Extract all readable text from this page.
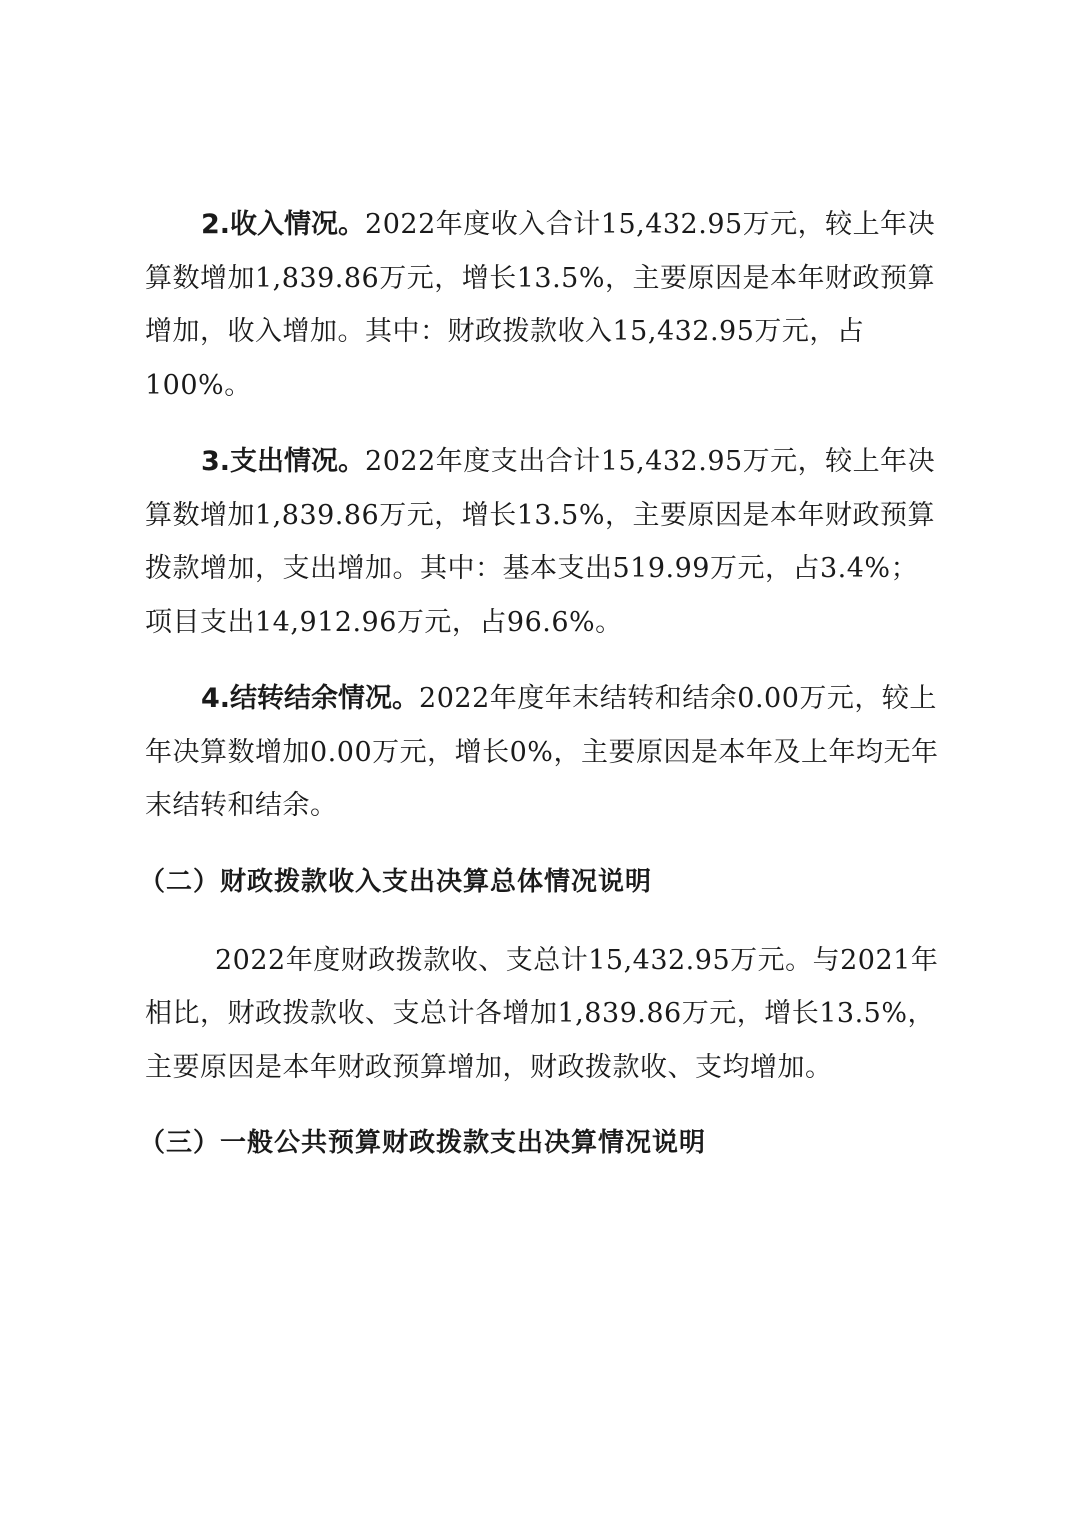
2.收入情况。2022年度收入合计15,432.95万元，较上年决算数增加1,839.86万元，增长13.5%，主要原因是本年财政预算增加，收入增加。其中：财政拨款收入15,432.95万元，占100%。

3.支出情况。2022年度支出合计15,432.95万元，较上年决算数增加1,839.86万元，增长13.5%，主要原因是本年财政预算拨款增加，支出增加。其中：基本支出519.99万元，占3.4%；项目支出14,912.96万元，占96.6%。

4.结转结余情况。2022年度年末结转和结余0.00万元，较上年决算数增加0.00万元，增长0%，主要原因是本年及上年均无年末结转和结余。

（二）财政拨款收入支出决算总体情况说明

2022年度财政拨款收、支总计15,432.95万元。与2021年相比，财政拨款收、支总计各增加1,839.86万元，增长13.5%，主要原因是本年财政预算增加，财政拨款收、支均增加。

（三）一般公共预算财政拨款支出决算情况说明
